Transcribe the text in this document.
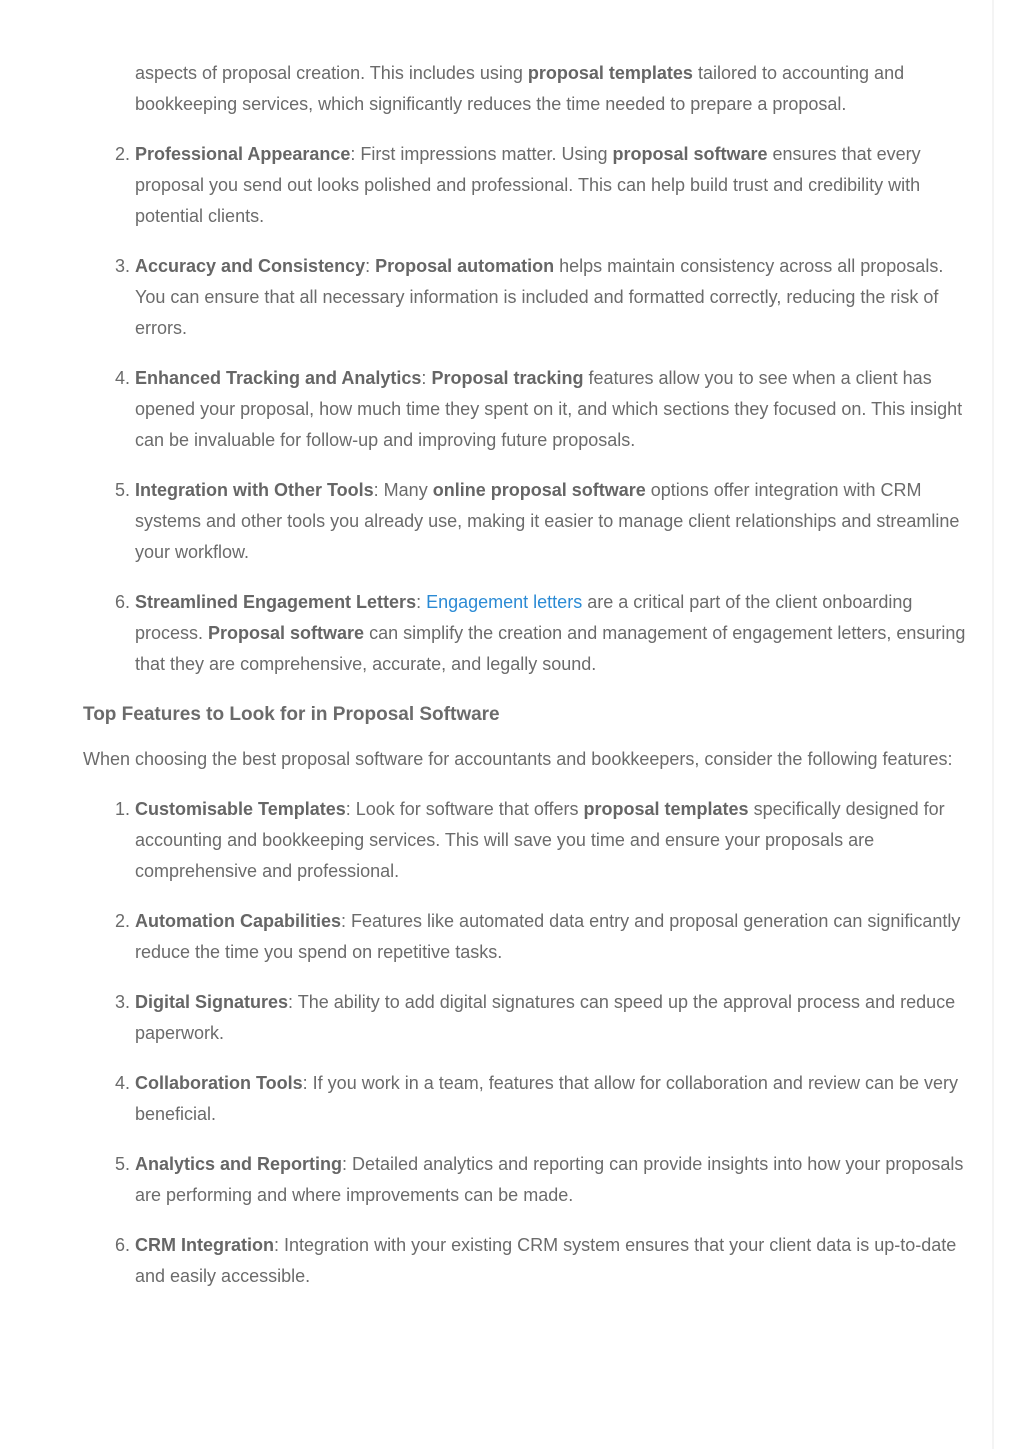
aspects of proposal creation. This includes using proposal templates tailored to accounting and bookkeeping services, which significantly reduces the time needed to prepare a proposal.
2. Professional Appearance: First impressions matter. Using proposal software ensures that every proposal you send out looks polished and professional. This can help build trust and credibility with potential clients.
3. Accuracy and Consistency: Proposal automation helps maintain consistency across all proposals. You can ensure that all necessary information is included and formatted correctly, reducing the risk of errors.
4. Enhanced Tracking and Analytics: Proposal tracking features allow you to see when a client has opened your proposal, how much time they spent on it, and which sections they focused on. This insight can be invaluable for follow-up and improving future proposals.
5. Integration with Other Tools: Many online proposal software options offer integration with CRM systems and other tools you already use, making it easier to manage client relationships and streamline your workflow.
6. Streamlined Engagement Letters: Engagement letters are a critical part of the client onboarding process. Proposal software can simplify the creation and management of engagement letters, ensuring that they are comprehensive, accurate, and legally sound.
Top Features to Look for in Proposal Software

When choosing the best proposal software for accountants and bookkeepers, consider the following features:

1. Customisable Templates: Look for software that offers proposal templates specifically designed for accounting and bookkeeping services. This will save you time and ensure your proposals are comprehensive and professional.
2. Automation Capabilities: Features like automated data entry and proposal generation can significantly reduce the time you spend on repetitive tasks.
3. Digital Signatures: The ability to add digital signatures can speed up the approval process and reduce paperwork.
4. Collaboration Tools: If you work in a team, features that allow for collaboration and review can be very beneficial.
5. Analytics and Reporting: Detailed analytics and reporting can provide insights into how your proposals are performing and where improvements can be made.
6. CRM Integration: Integration with your existing CRM system ensures that your client data is up-to-date and easily accessible.
